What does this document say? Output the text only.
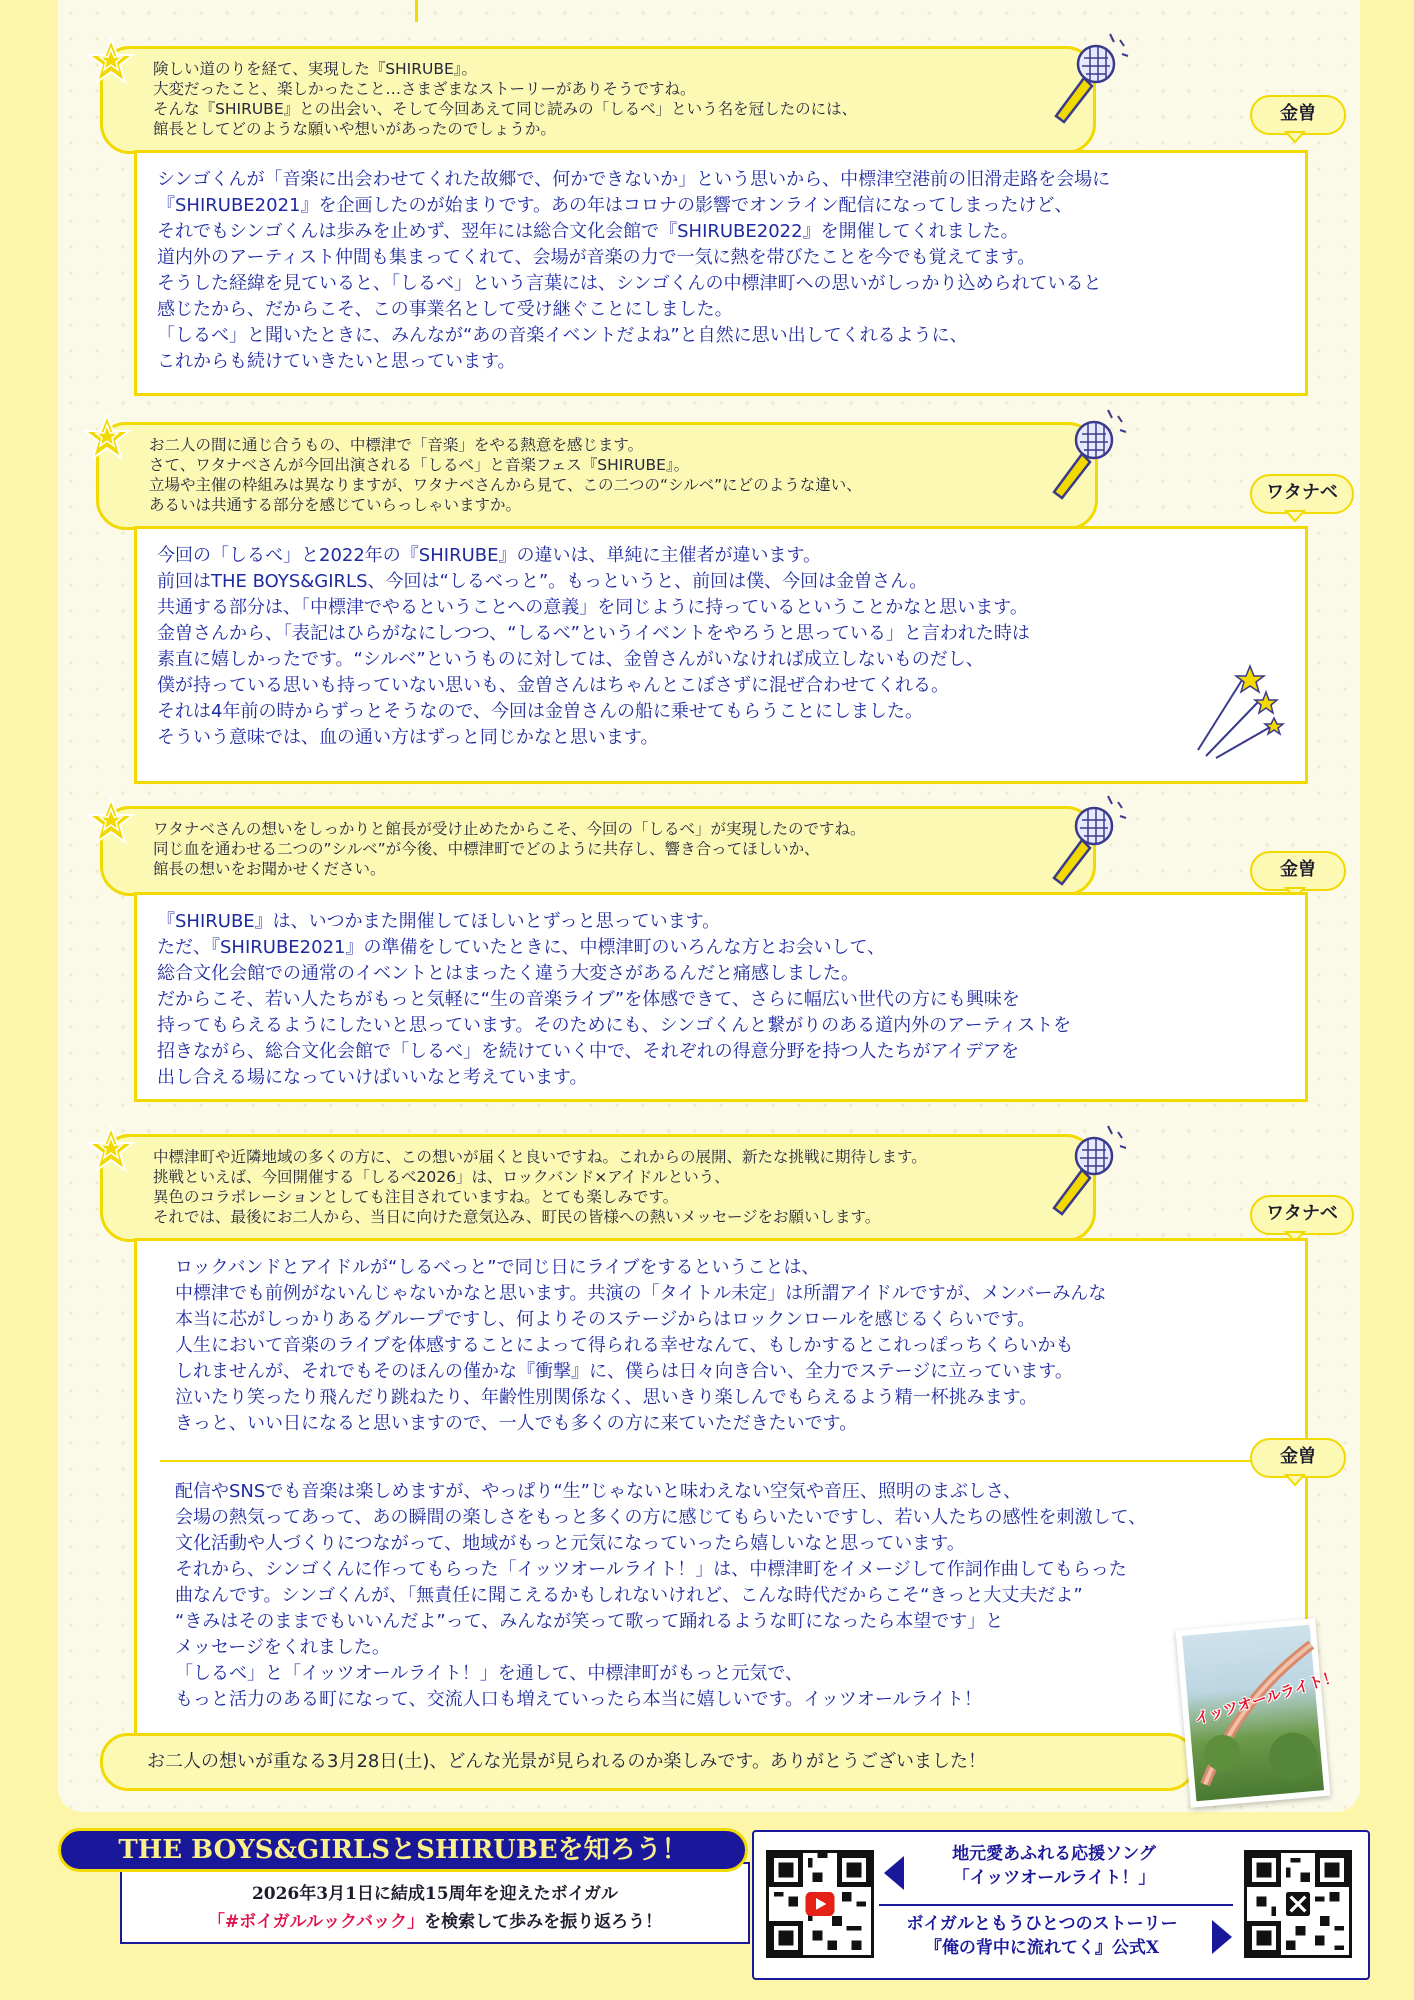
険しい道のりを経て、実現した『SHIRUBE』。
大変だったこと、楽しかったこと…さまざまなストーリーがありそうですね。
そんな『SHIRUBE』との出会い、そして今回あえて同じ読みの「しるべ」という名を冠したのには、
館長としてどのような願いや想いがあったのでしょうか。
金曽
シンゴくんが「音楽に出会わせてくれた故郷で、何かできないか」という思いから、中標津空港前の旧滑走路を会場に
『SHIRUBE2021』を企画したのが始まりです。あの年はコロナの影響でオンライン配信になってしまったけど、
それでもシンゴくんは歩みを止めず、翌年には総合文化会館で『SHIRUBE2022』を開催してくれました。
道内外のアーティスト仲間も集まってくれて、会場が音楽の力で一気に熱を帯びたことを今でも覚えてます。
そうした経緯を見ていると、「しるべ」という言葉には、シンゴくんの中標津町への思いがしっかり込められていると
感じたから、だからこそ、この事業名として受け継ぐことにしました。
「しるべ」と聞いたときに、みんなが“あの音楽イベントだよね”と自然に思い出してくれるように、
これからも続けていきたいと思っています。
お二人の間に通じ合うもの、中標津で「音楽」をやる熱意を感じます。
さて、ワタナベさんが今回出演される「しるべ」と音楽フェス『SHIRUBE』。
立場や主催の枠組みは異なりますが、ワタナベさんから見て、この二つの“シルベ”にどのような違い、
あるいは共通する部分を感じていらっしゃいますか。
ワタナベ
今回の「しるべ」と2022年の『SHIRUBE』の違いは、単純に主催者が違います。
前回はTHE BOYS&GIRLS、今回は“しるべっと”。もっというと、前回は僕、今回は金曽さん。
共通する部分は、「中標津でやるということへの意義」を同じように持っているということかなと思います。
金曽さんから、「表記はひらがなにしつつ、“しるべ”というイベントをやろうと思っている」と言われた時は
素直に嬉しかったです。“シルベ”というものに対しては、金曽さんがいなければ成立しないものだし、
僕が持っている思いも持っていない思いも、金曽さんはちゃんとこぼさずに混ぜ合わせてくれる。
それは4年前の時からずっとそうなので、今回は金曽さんの船に乗せてもらうことにしました。
そういう意味では、血の通い方はずっと同じかなと思います。
ワタナベさんの想いをしっかりと館長が受け止めたからこそ、今回の「しるべ」が実現したのですね。
同じ血を通わせる二つの”シルベ”が今後、中標津町でどのように共存し、響き合ってほしいか、
館長の想いをお聞かせください。	金曽
『SHIRUBE』は、いつかまた開催してほしいとずっと思っています。
ただ、『SHIRUBE2021』の準備をしていたときに、中標津町のいろんな方とお会いして、
総合文化会館での通常のイベントとはまったく違う大変さがあるんだと痛感しました。
だからこそ、若い人たちがもっと気軽に“生の音楽ライブ”を体感できて、さらに幅広い世代の方にも興味を
持ってもらえるようにしたいと思っています。そのためにも、シンゴくんと繋がりのある道内外のアーティストを
招きながら、総合文化会館で「しるべ」を続けていく中で、それぞれの得意分野を持つ人たちがアイデアを
出し合える場になっていけばいいなと考えています。
中標津町や近隣地域の多くの方に、この想いが届くと良いですね。これからの展開、新たな挑戦に期待します。
挑戦といえば、今回開催する「しるべ2026」は、ロックバンド×アイドルという、
異色のコラボレーションとしても注目されていますね。とても楽しみです。
それでは、最後にお二人から、当日に向けた意気込み、町民の皆様への熱いメッセージをお願いします。	ワタナベ
ロックバンドとアイドルが“しるべっと”で同じ日にライブをするということは、
中標津でも前例がないんじゃないかなと思います。共演の「タイトル未定」は所謂アイドルですが、メンバーみんな
本当に芯がしっかりあるグループですし、何よりそのステージからはロックンロールを感じるくらいです。
人生において音楽のライブを体感することによって得られる幸せなんて、もしかするとこれっぽっちくらいかも
しれませんが、それでもそのほんの僅かな『衝撃』に、僕らは日々向き合い、全力でステージに立っています。
泣いたり笑ったり飛んだり跳ねたり、年齢性別関係なく、思いきり楽しんでもらえるよう精一杯挑みます。
きっと、いい日になると思いますので、一人でも多くの方に来ていただきたいです。
配信やSNSでも音楽は楽しめますが、やっぱり“生”じゃないと味わえない空気や音圧、照明のまぶしさ、
会場の熱気ってあって、あの瞬間の楽しさをもっと多くの方に感じてもらいたいですし、若い人たちの感性を刺激して、
文化活動や人づくりにつながって、地域がもっと元気になっていったら嬉しいなと思っています。
それから、シンゴくんに作ってもらった「イッツオールライト！」は、中標津町をイメージして作詞作曲してもらった
曲なんです。シンゴくんが、「無責任に聞こえるかもしれないけれど、こんな時代だからこそ“きっと大丈夫だよ”
“きみはそのままでもいいんだよ”って、みんなが笑って歌って踊れるような町になったら本望です」と
メッセージをくれました。
「しるべ」と「イッツオールライト！」を通して、中標津町がもっと元気で、
もっと活力のある町になって、交流人口も増えていったら本当に嬉しいです。イッツオールライト！
金曽
お二人の想いが重なる3月28日(土)、どんな光景が見られるのか楽しみです。ありがとうございました！
イッツオールライト！
THE BOYS&GIRLSとSHIRUBEを知ろう！
2026年3月1日に結成15周年を迎えたボイガル
「#ボイガルルックバック」を検索して歩みを振り返ろう！
地元愛あふれる応援ソング
「イッツオールライト！」
ボイガルともうひとつのストーリー
『俺の背中に流れてく』公式X
